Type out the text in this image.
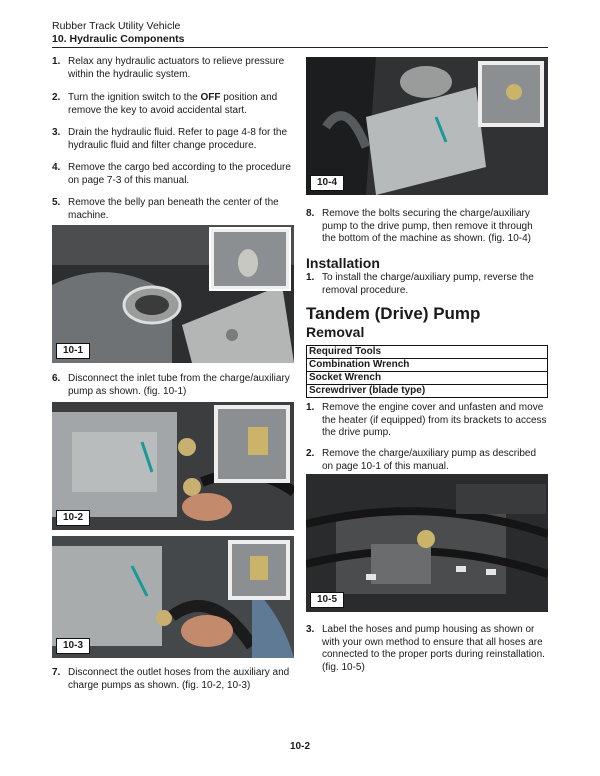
Rubber Track Utility Vehicle
10. Hydraulic Components
1. Relax any hydraulic actuators to relieve pressure within the hydraulic system.
2. Turn the ignition switch to the OFF position and remove the key to avoid accidental start.
3. Drain the hydraulic fluid. Refer to page 4-8 for the hydraulic fluid and filter change procedure.
4. Remove the cargo bed according to the procedure on page 7-3 of this manual.
5. Remove the belly pan beneath the center of the machine.
10-1
6. Disconnect the inlet tube from the charge/auxiliary pump as shown. (fig. 10-1)
10-2
10-3
7. Disconnect the outlet hoses from the auxiliary and charge pumps as shown. (fig. 10-2, 10-3)
10-4
8. Remove the bolts securing the charge/auxiliary pump to the drive pump, then remove it through the bottom of the machine as shown. (fig. 10-4)
Installation
1. To install the charge/auxiliary pump, reverse the removal procedure.
Tandem (Drive) Pump
Removal
Required Tools
Combination Wrench
Socket Wrench
Screwdriver (blade type)
1. Remove the engine cover and unfasten and move the heater (if equipped) from its brackets to access the drive pump.
2. Remove the charge/auxiliary pump as described on page 10-1 of this manual.
10-5
3. Label the hoses and pump housing as shown or with your own method to ensure that all hoses are connected to the proper ports during reinstallation. (fig. 10-5)
10-2
